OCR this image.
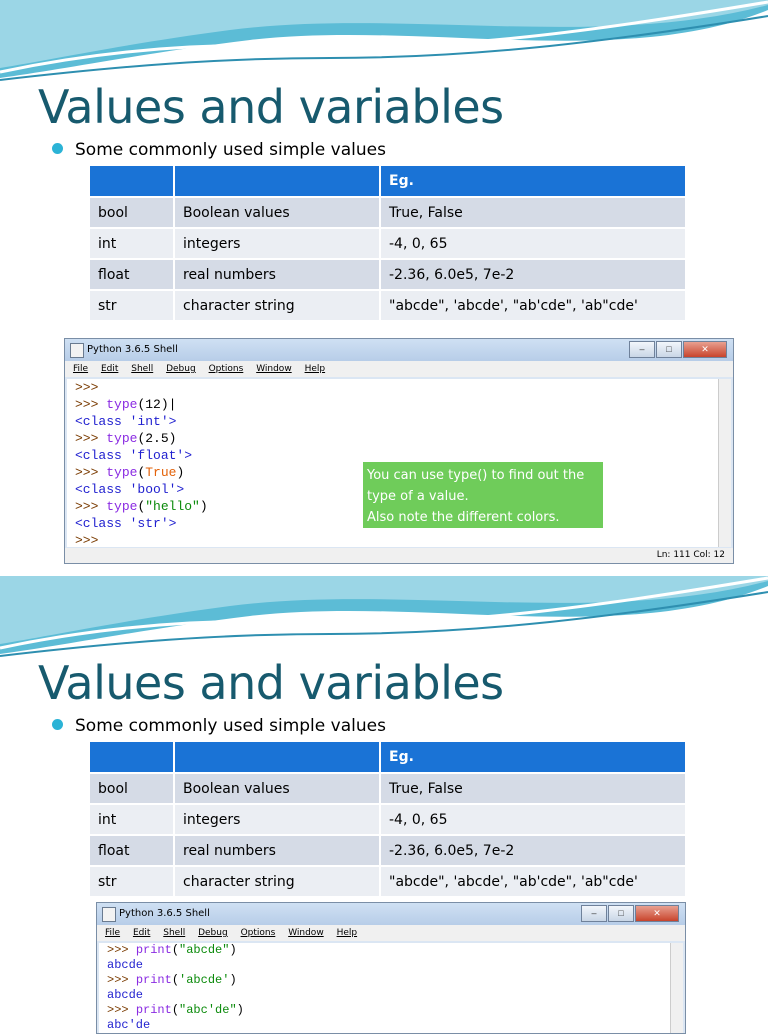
Values and variables
Some commonly used simple values
		Eg.
bool	Boolean values	True, False
int	integers	-4, 0, 65
float	real numbers	-2.36, 6.0e5, 7e-2
str	character string	"abcde", 'abcde', "ab'cde", 'ab"cde'
Python 3.6.5 Shell	–	□	✕
File Edit Shell Debug Options Window Help
>>>
>>> type(12)|
<class 'int'>
>>> type(2.5)
<class 'float'>
>>> type(True)
<class 'bool'>
>>> type("hello")
<class 'str'>
>>>
Ln: 111 Col: 12
You can use type() to find out the type of a value.
Also note the different colors.
Values and variables
Some commonly used simple values
		Eg.
bool	Boolean values	True, False
int	integers	-4, 0, 65
float	real numbers	-2.36, 6.0e5, 7e-2
str	character string	"abcde", 'abcde', "ab'cde", 'ab"cde'
Python 3.6.5 Shell	–	□	✕
File Edit Shell Debug Options Window Help
>>> print("abcde")
abcde
>>> print('abcde')
abcde
>>> print("abc'de")
abc'de
